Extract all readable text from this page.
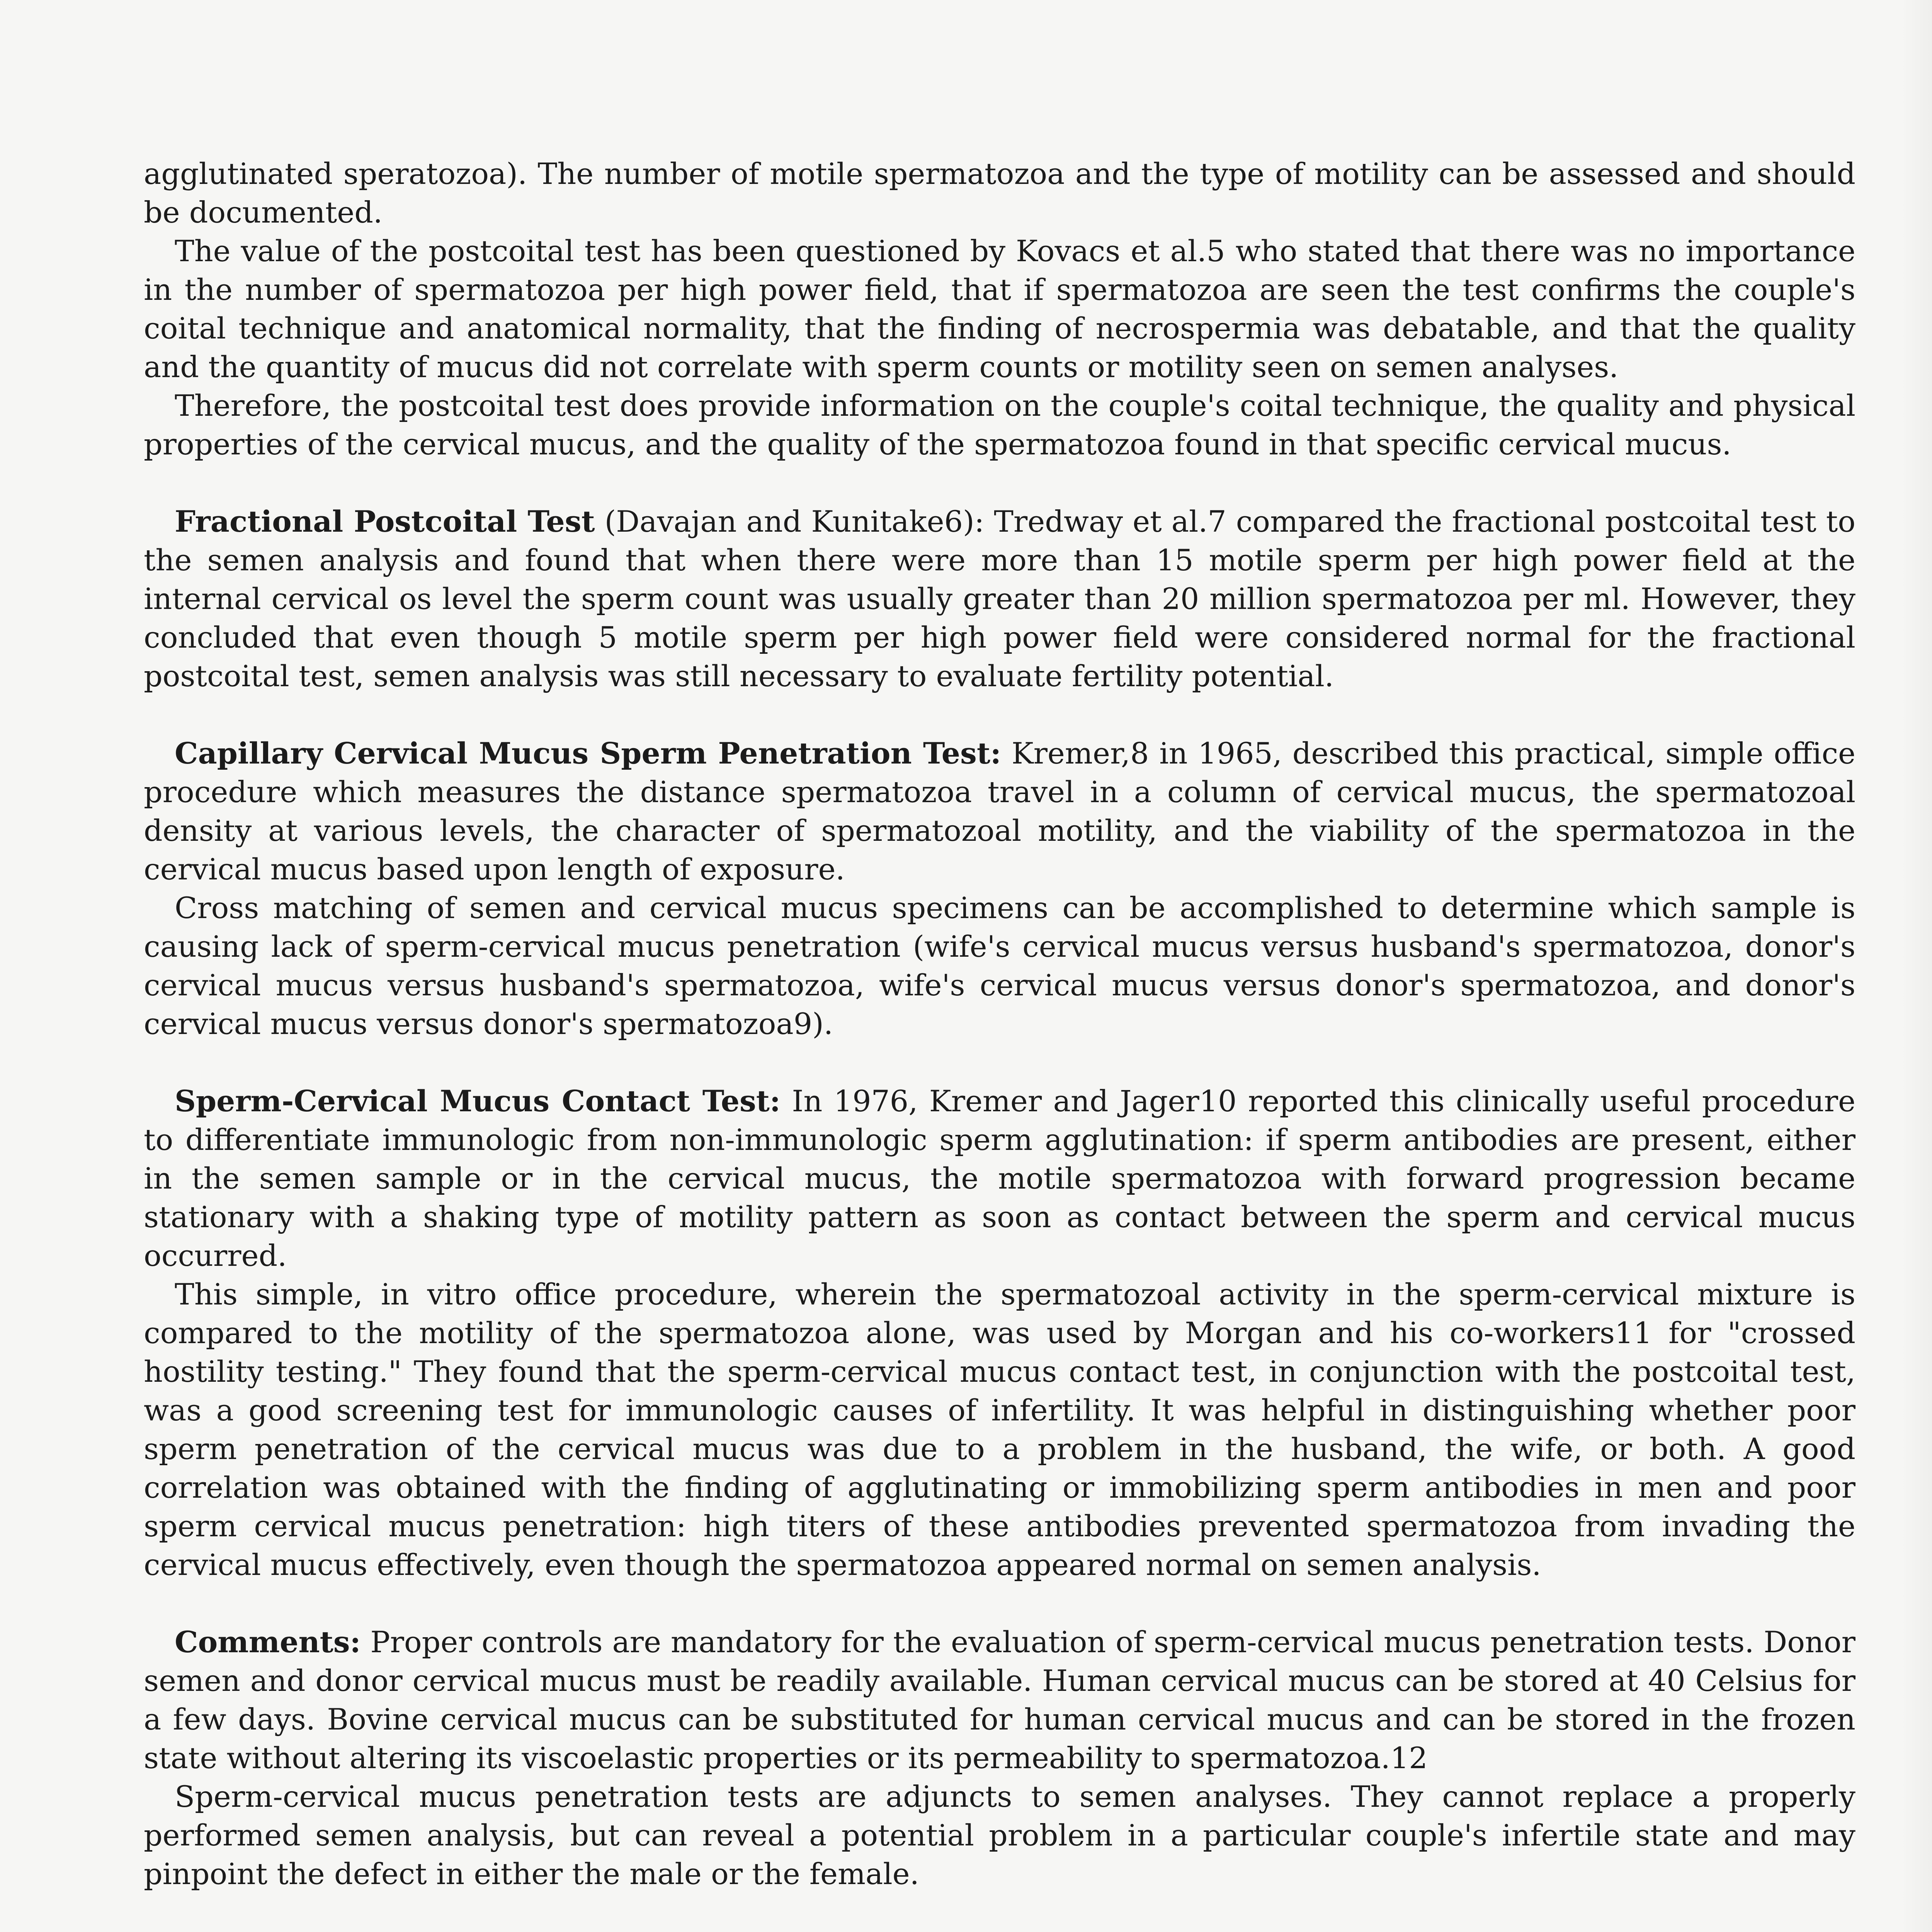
agglutinated speratozoa). The number of motile spermatozoa and the type of motility can be assessed and should be documented.

The value of the postcoital test has been questioned by Kovacs et al.5 who stated that there was no importance in the number of spermatozoa per high power field, that if spermatozoa are seen the test confirms the couple's coital technique and anatomical normality, that the finding of necrospermia was debatable, and that the quality and the quantity of mucus did not correlate with sperm counts or motility seen on semen analyses.

Therefore, the postcoital test does provide information on the couple's coital technique, the quality and physical properties of the cervical mucus, and the quality of the spermatozoa found in that specific cervical mucus.

Fractional Postcoital Test (Davajan and Kunitake6): Tredway et al.7 compared the fractional postcoital test to the semen analysis and found that when there were more than 15 motile sperm per high power field at the internal cervical os level the sperm count was usually greater than 20 million spermatozoa per ml. However, they concluded that even though 5 motile sperm per high power field were considered normal for the fractional postcoital test, semen analysis was still necessary to evaluate fertility potential.

Capillary Cervical Mucus Sperm Penetration Test: Kremer,8 in 1965, described this practical, simple office procedure which measures the distance spermatozoa travel in a column of cervical mucus, the spermatozoal density at various levels, the character of spermatozoal motility, and the viability of the spermatozoa in the cervical mucus based upon length of exposure.

Cross matching of semen and cervical mucus specimens can be accomplished to determine which sample is causing lack of sperm-cervical mucus penetration (wife's cervical mucus versus husband's spermatozoa, donor's cervical mucus versus husband's spermatozoa, wife's cervical mucus versus donor's spermatozoa, and donor's cervical mucus versus donor's spermatozoa9).

Sperm-Cervical Mucus Contact Test: In 1976, Kremer and Jager10 reported this clinically useful procedure to differentiate immunologic from non-immunologic sperm agglutination: if sperm antibodies are present, either in the semen sample or in the cervical mucus, the motile spermatozoa with forward progression became stationary with a shaking type of motility pattern as soon as contact between the sperm and cervical mucus occurred.

This simple, in vitro office procedure, wherein the spermatozoal activity in the sperm-cervical mixture is compared to the motility of the spermatozoa alone, was used by Morgan and his co-workers11 for "crossed hostility testing." They found that the sperm-cervical mucus contact test, in conjunction with the postcoital test, was a good screening test for immunologic causes of infertility. It was helpful in distinguishing whether poor sperm penetration of the cervical mucus was due to a problem in the husband, the wife, or both. A good correlation was obtained with the finding of agglutinating or immobilizing sperm antibodies in men and poor sperm cervical mucus penetration: high titers of these antibodies prevented spermatozoa from invading the cervical mucus effectively, even though the spermatozoa appeared normal on semen analysis.

Comments: Proper controls are mandatory for the evaluation of sperm-cervical mucus penetration tests. Donor semen and donor cervical mucus must be readily available. Human cervical mucus can be stored at 40 Celsius for a few days. Bovine cervical mucus can be substituted for human cervical mucus and can be stored in the frozen state without altering its viscoelastic properties or its permeability to spermatozoa.12

Sperm-cervical mucus penetration tests are adjuncts to semen analyses. They cannot replace a properly performed semen analysis, but can reveal a potential problem in a particular couple's infertile state and may pinpoint the defect in either the male or the female.
